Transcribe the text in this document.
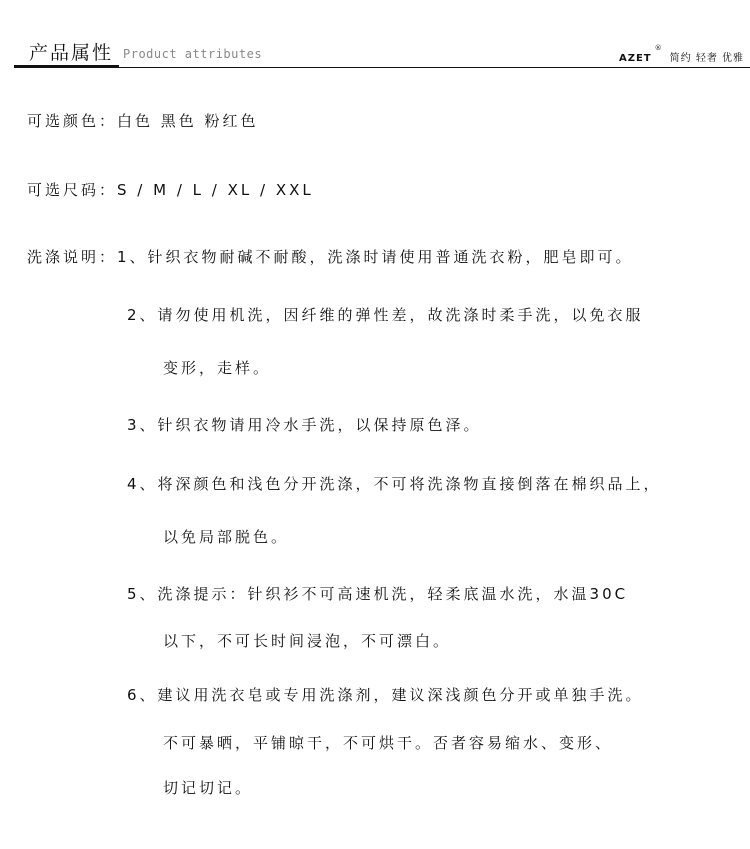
产品属性 Product attributes	AZET®简约 轻奢 优雅
可选颜色：白色 黑色 粉红色
可选尺码：S / M / L / XL / XXL
洗涤说明：1、针织衣物耐碱不耐酸，洗涤时请使用普通洗衣粉，肥皂即可。
2、请勿使用机洗，因纤维的弹性差，故洗涤时柔手洗，以免衣服
变形，走样。
3、针织衣物请用冷水手洗，以保持原色泽。
4、将深颜色和浅色分开洗涤，不可将洗涤物直接倒落在棉织品上，
以免局部脱色。
5、洗涤提示：针织衫不可高速机洗，轻柔底温水洗，水温30C
以下，不可长时间浸泡，不可漂白。
6、建议用洗衣皂或专用洗涤剂，建议深浅颜色分开或单独手洗。
不可暴晒，平铺晾干，不可烘干。否者容易缩水、变形、
切记切记。
